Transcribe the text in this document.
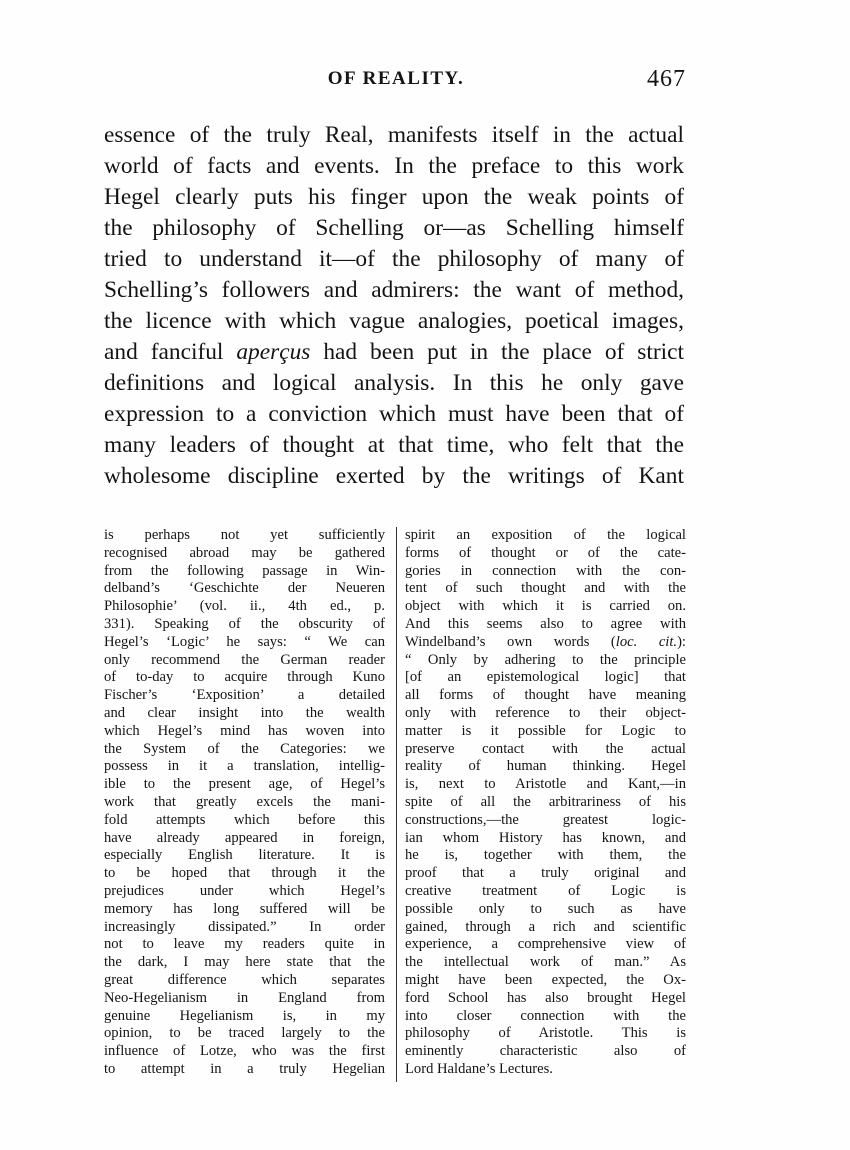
OF REALITY.	467
essence of the truly Real, manifests itself in the actual
world of facts and events. In the preface to this work
Hegel clearly puts his finger upon the weak points of
the philosophy of Schelling or—as Schelling himself
tried to understand it—of the philosophy of many of
Schelling’s followers and admirers: the want of method,
the licence with which vague analogies, poetical images,
and fanciful aperçus had been put in the place of strict
definitions and logical analysis. In this he only gave
expression to a conviction which must have been that of
many leaders of thought at that time, who felt that the
wholesome discipline exerted by the writings of Kant
is perhaps not yet sufficiently
recognised abroad may be gathered
from the following passage in Win-
delband’s ‘Geschichte der Neueren
Philosophie’ (vol. ii., 4th ed., p.
331). Speaking of the obscurity of
Hegel’s ‘Logic’ he says: “ We can
only recommend the German reader
of to-day to acquire through Kuno
Fischer’s ‘Exposition’ a detailed
and clear insight into the wealth
which Hegel’s mind has woven into
the System of the Categories: we
possess in it a translation, intellig-
ible to the present age, of Hegel’s
work that greatly excels the mani-
fold attempts which before this
have already appeared in foreign,
especially English literature. It is
to be hoped that through it the
prejudices under which Hegel’s
memory has long suffered will be
increasingly dissipated.” In order
not to leave my readers quite in
the dark, I may here state that the
great difference which separates
Neo-Hegelianism in England from
genuine Hegelianism is, in my
opinion, to be traced largely to the
influence of Lotze, who was the first
to attempt in a truly Hegelian
spirit an exposition of the logical
forms of thought or of the cate-
gories in connection with the con-
tent of such thought and with the
object with which it is carried on.
And this seems also to agree with
Windelband’s own words (loc. cit.):
“ Only by adhering to the principle
[of an epistemological logic] that
all forms of thought have meaning
only with reference to their object-
matter is it possible for Logic to
preserve contact with the actual
reality of human thinking. Hegel
is, next to Aristotle and Kant,—in
spite of all the arbitrariness of his
constructions,—the greatest logic-
ian whom History has known, and
he is, together with them, the
proof that a truly original and
creative treatment of Logic is
possible only to such as have
gained, through a rich and scientific
experience, a comprehensive view of
the intellectual work of man.” As
might have been expected, the Ox-
ford School has also brought Hegel
into closer connection with the
philosophy of Aristotle. This is
eminently characteristic also of
Lord Haldane’s Lectures.
